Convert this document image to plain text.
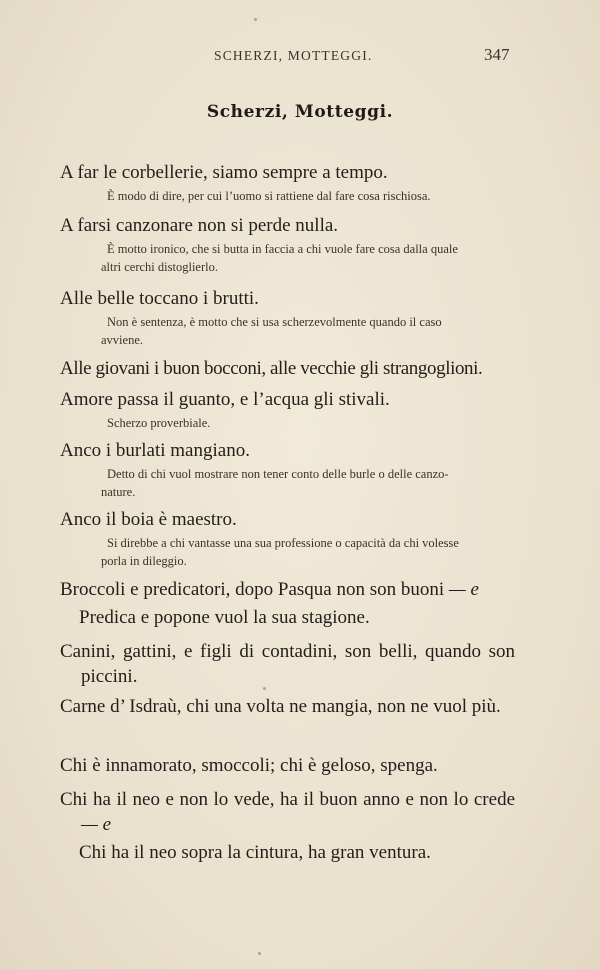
SCHERZI, MOTTEGGI.	347
Scherzi, Motteggi.
A far le corbellerie, siamo sempre a tempo.
È modo di dire, per cui l’uomo si rattiene dal fare cosa rischiosa.
A farsi canzonare non si perde nulla.
È motto ironico, che si butta in faccia a chi vuole fare cosa dalla quale
altri cerchi distoglierlo.
Alle belle toccano i brutti.
Non è sentenza, è motto che si usa scherzevolmente quando il caso
avviene.
Alle giovani i buon bocconi, alle vecchie gli strangoglioni.
Amore passa il guanto, e l’acqua gli stivali.
Scherzo proverbiale.
Anco i burlati mangiano.
Detto di chi vuol mostrare non tener conto delle burle o delle canzo-
nature.
Anco il boia è maestro.
Si direbbe a chi vantasse una sua professione o capacità da chi volesse
porla in dileggio.
Broccoli e predicatori, dopo Pasqua non son buoni — e
Predica e popone vuol la sua stagione.
Canini, gattini, e figli di contadini, son belli, quando son piccini.
Carne d’ Isdraù, chi una volta ne mangia, non ne vuol più.
Chi è innamorato, smoccoli; chi è geloso, spenga.
Chi ha il neo e non lo vede, ha il buon anno e non lo crede — e
Chi ha il neo sopra la cintura, ha gran ventura.
